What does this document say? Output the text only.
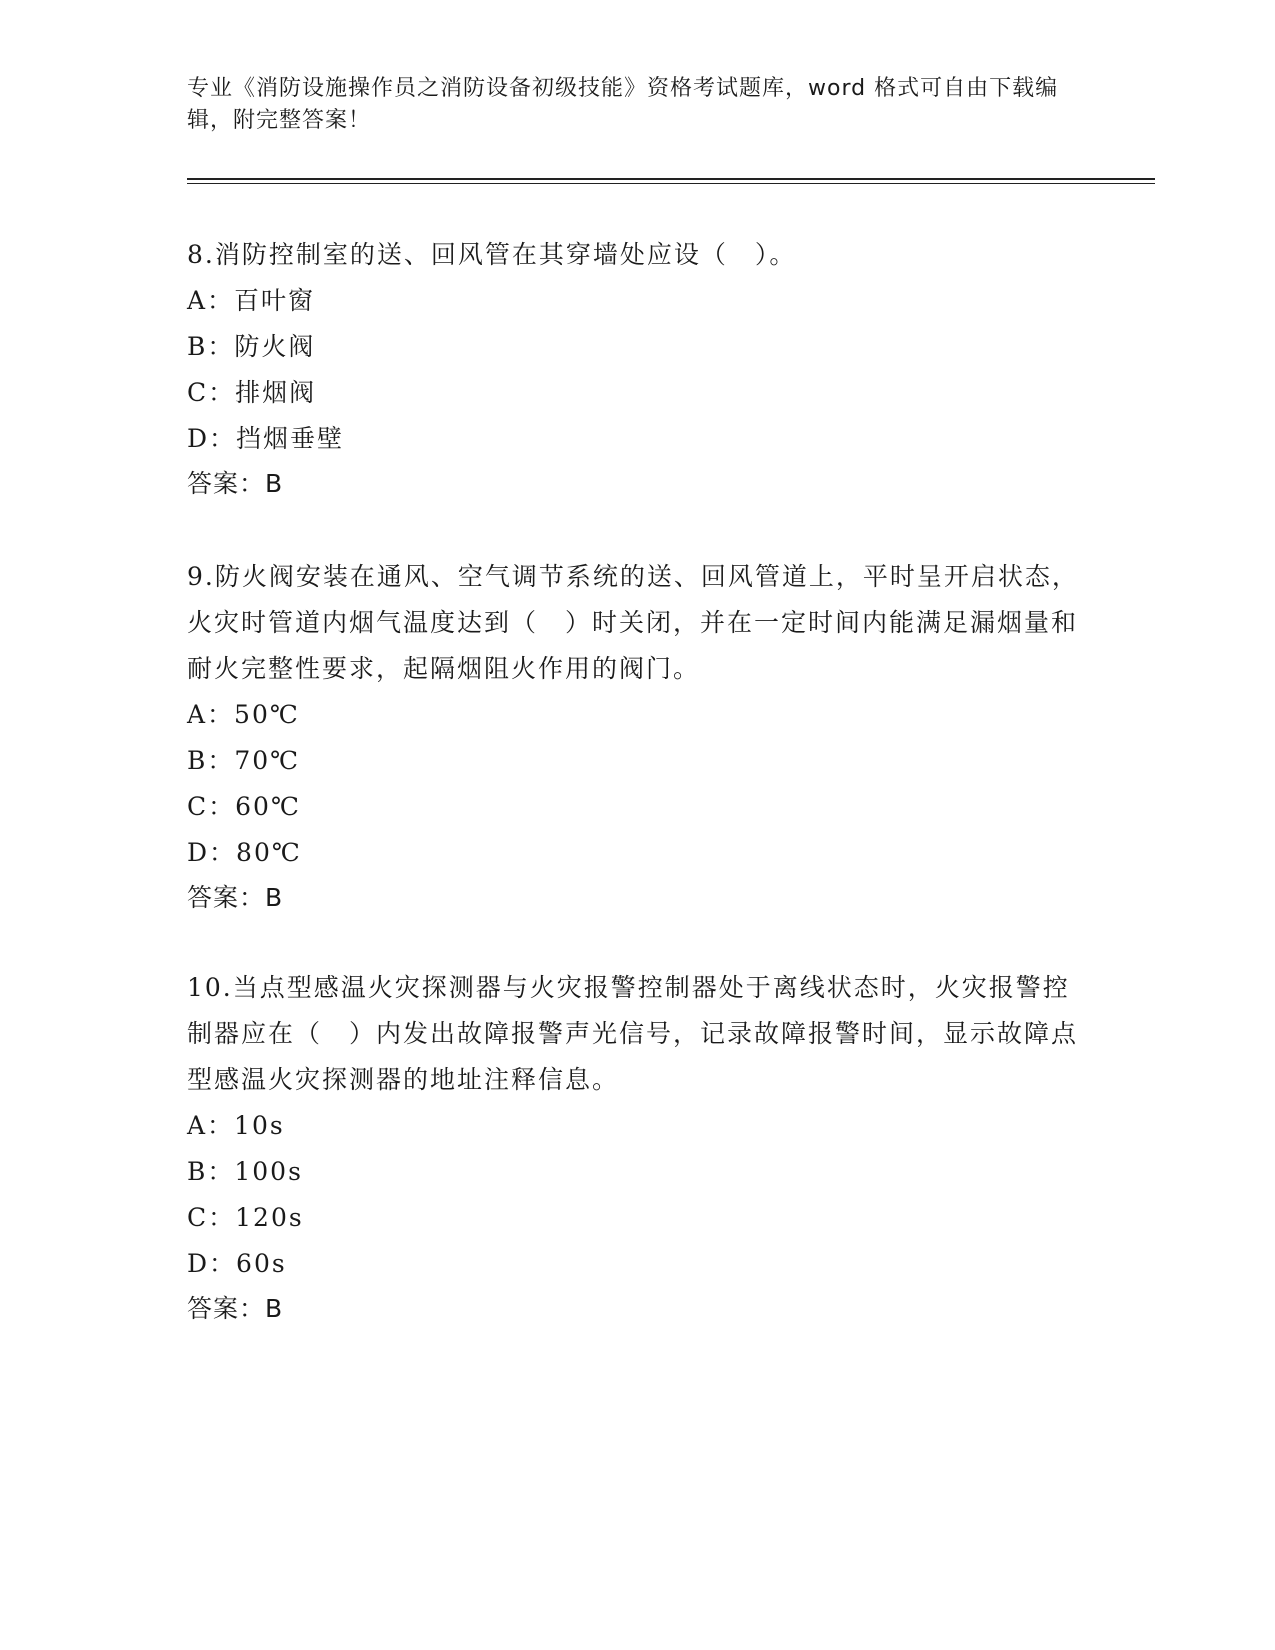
专业《消防设施操作员之消防设备初级技能》资格考试题库，word 格式可自由下载编辑，附完整答案！

8.消防控制室的送、回风管在其穿墙处应设（　）。

A：百叶窗

B：防火阀

C：排烟阀

D：挡烟垂壁

答案：B

9.防火阀安装在通风、空气调节系统的送、回风管道上，平时呈开启状态，火灾时管道内烟气温度达到（　）时关闭，并在一定时间内能满足漏烟量和耐火完整性要求，起隔烟阻火作用的阀门。

A：50℃

B：70℃

C：60℃

D：80℃

答案：B

10.当点型感温火灾探测器与火灾报警控制器处于离线状态时，火灾报警控制器应在（　）内发出故障报警声光信号，记录故障报警时间，显示故障点型感温火灾探测器的地址注释信息。

A：10s

B：100s

C：120s

D：60s

答案：B
